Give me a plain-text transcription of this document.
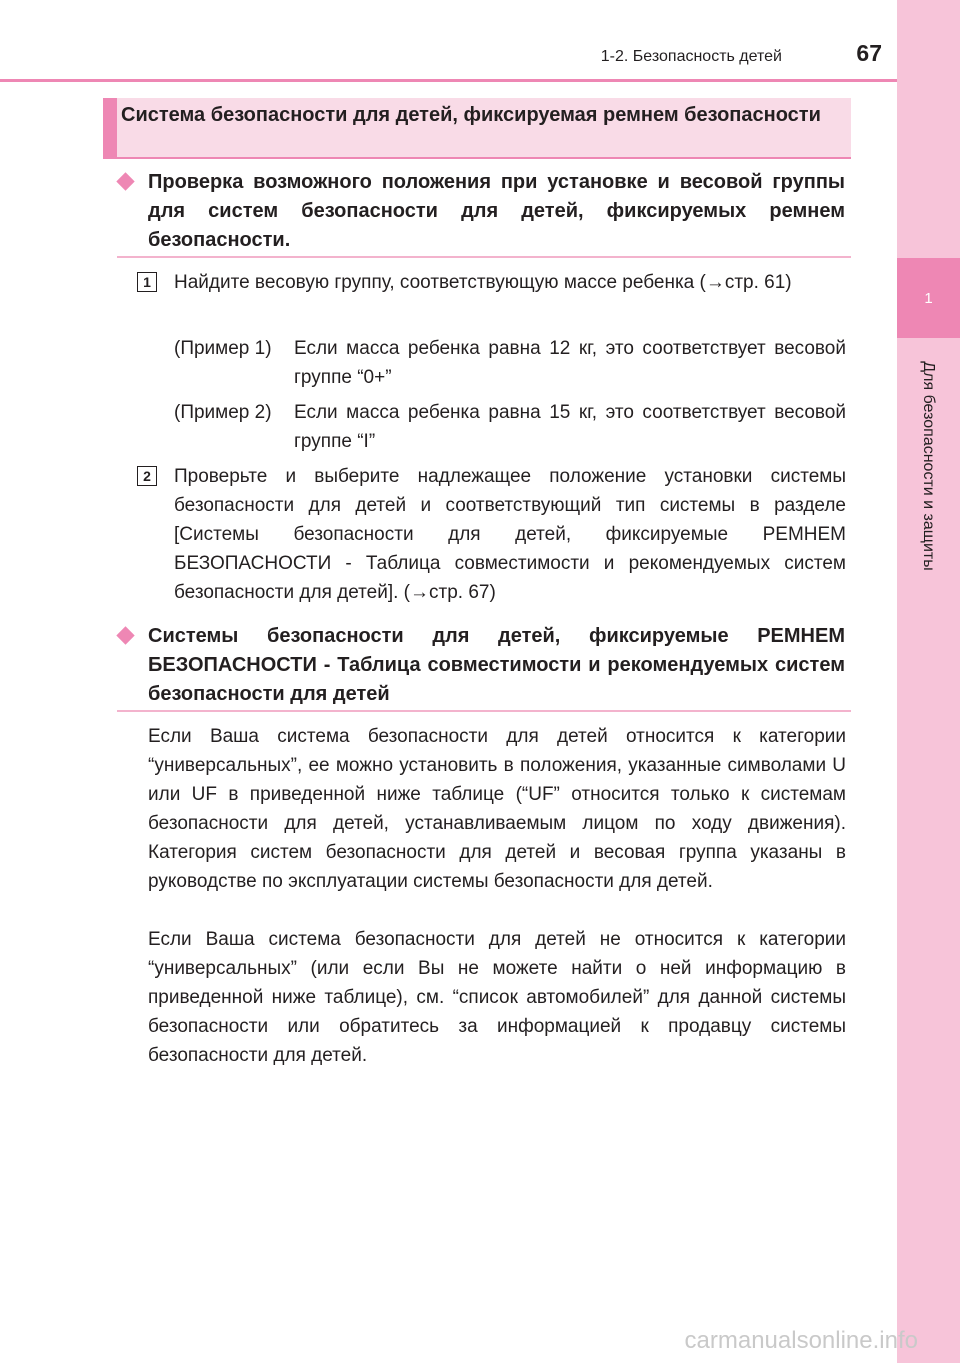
1
Для безопасности и защиты
1-2. Безопасность детей	67
Система безопасности для детей, фиксируемая ремнем безопасности
Проверка возможного положения при установке и весовой группы для систем безопасности для детей, фиксируемых ремнем безопасности.
1	Найдите весовую группу, соответствующую массе ребенка (→стр. 61)
(Пример 1) Если масса ребенка равна 12 кг, это соответствует весовой группе “0+”
(Пример 2) Если масса ребенка равна 15 кг, это соответствует весовой группе “I”
2	Проверьте и выберите надлежащее положение установки системы безопасности для детей и соответствующий тип системы в разделе [Системы безопасности для детей, фиксируемые РЕМНЕМ БЕЗОПАСНОСТИ - Таблица совместимости и рекомендуемых систем безопасности для детей]. (→стр. 67)
Системы безопасности для детей, фиксируемые РЕМНЕМ БЕЗОПАСНОСТИ - Таблица совместимости и рекомендуемых систем безопасности для детей
Если Ваша система безопасности для детей относится к категории “универсальных”, ее можно установить в положения, указанные символами U или UF в приведенной ниже таблице (“UF” относится только к системам безопасности для детей, устанавливаемым лицом по ходу движения). Категория систем безопасности для детей и весовая группа указаны в руководстве по эксплуатации системы безопасности для детей.
Если Ваша система безопасности для детей не относится к категории “универсальных” (или если Вы не можете найти о ней информацию в приведенной ниже таблице), см. “список автомобилей” для данной системы безопасности или обратитесь за информацией к продавцу системы безопасности для детей.
carmanualsonline.info
